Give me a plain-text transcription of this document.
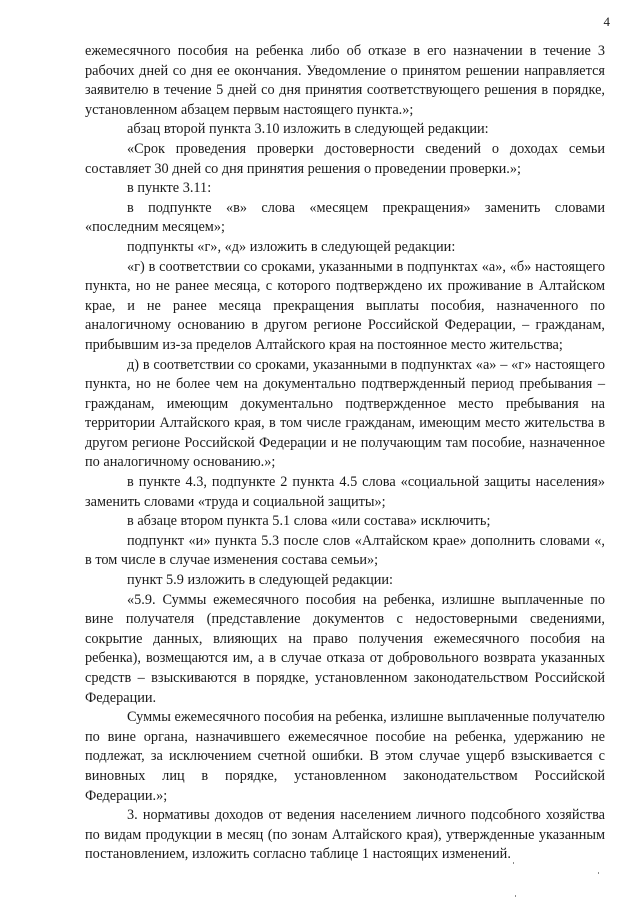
4

ежемесячного пособия на ребенка либо об отказе в его назначении в течение 3 рабочих дней со дня ее окончания. Уведомление о принятом решении направляется заявителю в течение 5 дней со дня принятия соответствующего решения в порядке, установленном абзацем первым настоящего пункта.»;

абзац второй пункта 3.10 изложить в следующей редакции:

«Срок проведения проверки достоверности сведений о доходах семьи составляет 30 дней со дня принятия решения о проведении проверки.»;

в пункте 3.11:

в подпункте «в» слова «месяцем прекращения» заменить словами «последним месяцем»;

подпункты «г», «д» изложить в следующей редакции:

«г) в соответствии со сроками, указанными в подпунктах «а», «б» настоящего пункта, но не ранее месяца, с которого подтверждено их проживание в Алтайском крае, и не ранее месяца прекращения выплаты пособия, назначенного по аналогичному основанию в другом регионе Российской Федерации, – гражданам, прибывшим из-за пределов Алтайского края на постоянное место жительства;

д) в соответствии со сроками, указанными в подпунктах «а» – «г» настоящего пункта, но не более чем на документально подтвержденный период пребывания – гражданам, имеющим документально подтвержденное место пребывания на территории Алтайского края, в том числе гражданам, имеющим место жительства в другом регионе Российской Федерации и не получающим там пособие, назначенное по аналогичному основанию.»;

в пункте 4.3, подпункте 2 пункта 4.5 слова «социальной защиты населения» заменить словами «труда и социальной защиты»;

в абзаце втором пункта 5.1 слова «или состава» исключить;

подпункт «и» пункта 5.3 после слов «Алтайском крае» дополнить словами «, в том числе в случае изменения состава семьи»;

пункт 5.9 изложить в следующей редакции:

«5.9. Суммы ежемесячного пособия на ребенка, излишне выплаченные по вине получателя (представление документов с недостоверными сведениями, сокрытие данных, влияющих на право получения ежемесячного пособия на ребенка), возмещаются им, а в случае отказа от добровольного возврата указанных средств – взыскиваются в порядке, установленном законодательством Российской Федерации.

Суммы ежемесячного пособия на ребенка, излишне выплаченные получателю по вине органа, назначившего ежемесячное пособие на ребенка, удержанию не подлежат, за исключением счетной ошибки. В этом случае ущерб взыскивается с виновных лиц в порядке, установленном законодательством Российской Федерации.»;

3. нормативы доходов от ведения населением личного подсобного хозяйства по видам продукции в месяц (по зонам Алтайского края), утвержденные указанным постановлением, изложить согласно таблице 1 настоящих изменений.
